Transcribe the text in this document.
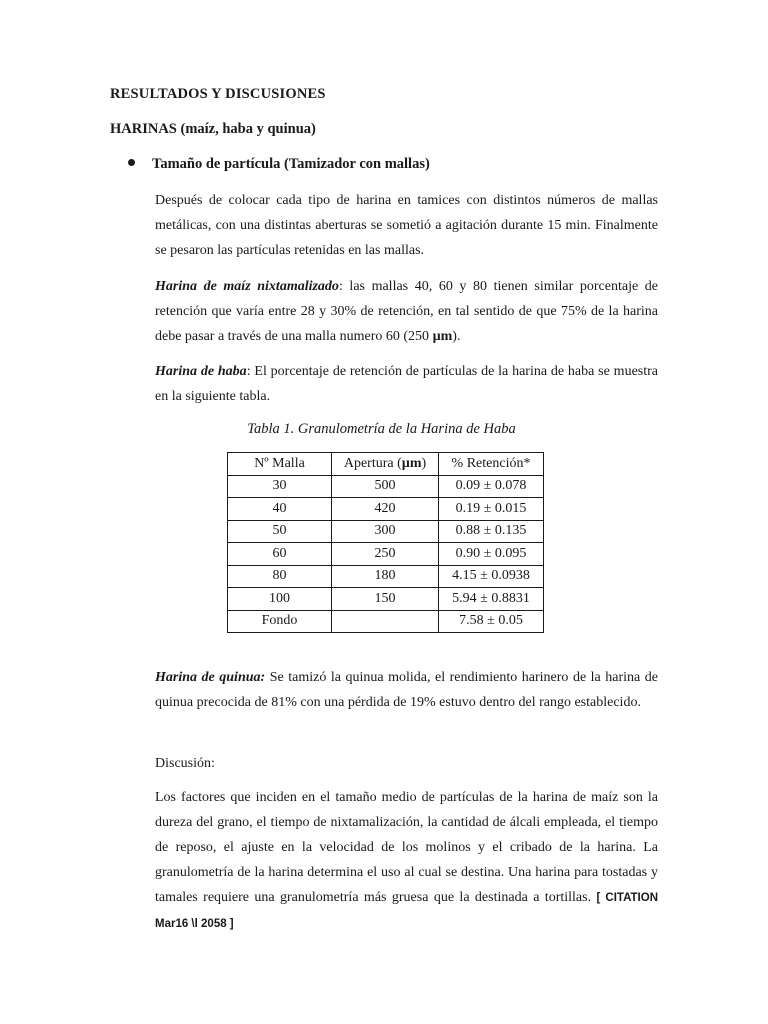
RESULTADOS Y DISCUSIONES
HARINAS (maíz, haba y quinua)
Tamaño de partícula (Tamizador con mallas)

Después de colocar cada tipo de harina en tamices con distintos números de mallas metálicas, con una distintas aberturas se sometió a agitación durante 15 min. Finalmente se pesaron las partículas retenidas en las mallas.

Harina de maíz nixtamalizado: las mallas 40, 60 y 80 tienen similar porcentaje de retención que varía entre 28 y 30% de retención, en tal sentido de que 75% de la harina debe pasar a través de una malla numero 60 (250 µm).

Harina de haba: El porcentaje de retención de partículas de la harina de haba se muestra en la siguiente tabla.

Tabla 1. Granulometría de la Harina de Haba
Nº Malla	Apertura (µm)	% Retención*
30	500	0.09 ± 0.078
40	420	0.19 ± 0.015
50	300	0.88 ± 0.135
60	250	0.90 ± 0.095
80	180	4.15 ± 0.0938
100	150	5.94 ± 0.8831
Fondo		7.58 ± 0.05

Harina de quinua: Se tamizó la quinua molida, el rendimiento harinero de la harina de quinua precocida de 81% con una pérdida de 19% estuvo dentro del rango establecido.

Discusión:

Los factores que inciden en el tamaño medio de partículas de la harina de maíz son la dureza del grano, el tiempo de nixtamalización, la cantidad de álcali empleada, el tiempo de reposo, el ajuste en la velocidad de los molinos y el cribado de la harina. La granulometría de la harina determina el uso al cual se destina. Una harina para tostadas y tamales requiere una granulometría más gruesa que la destinada a tortillas. [ CITATION Mar16 \l 2058 ]
